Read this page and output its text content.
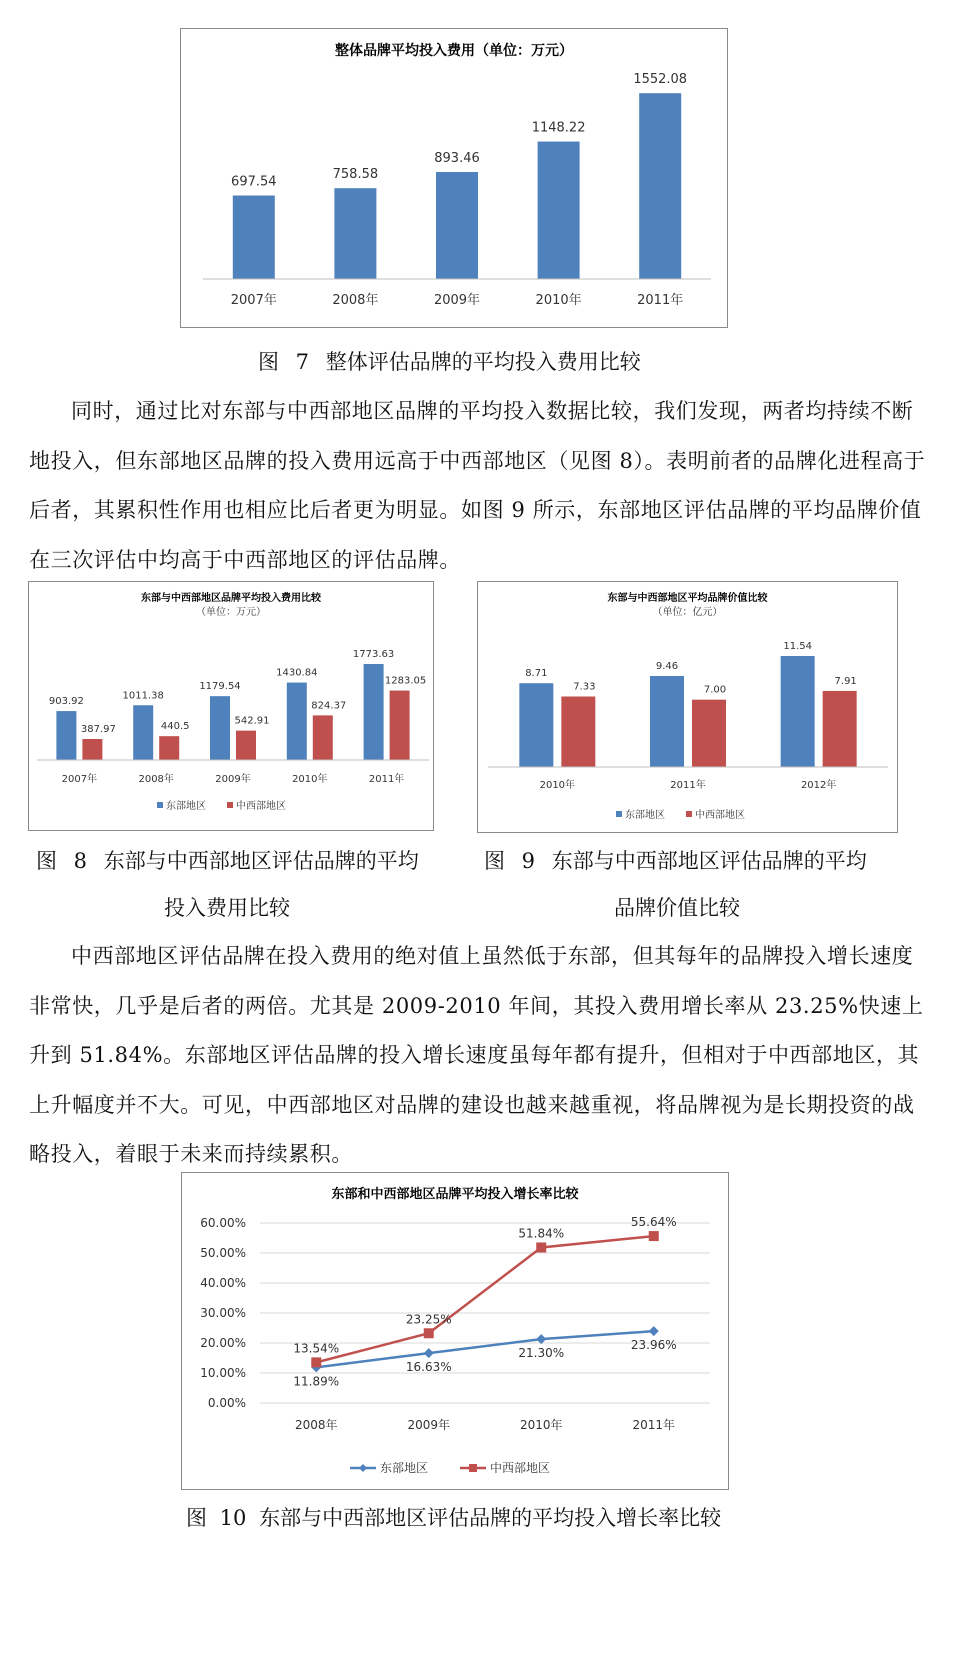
整体品牌平均投入费用（单位：万元）
697.54
2007年
758.58
2008年
893.46
2009年
1148.22
2010年
1552.08
2011年
图 7 整体评估品牌的平均投入费用比较

同时，通过比对东部与中西部地区品牌的平均投入数据比较，我们发现，两者均持续不断地投入，但东部地区品牌的投入费用远高于中西部地区（见图 8）。表明前者的品牌化进程高于后者，其累积性作用也相应比后者更为明显。如图 9 所示，东部地区评估品牌的平均品牌价值在三次评估中均高于中西部地区的评估品牌。

东部与中西部地区品牌平均投入费用比较
（单位：万元）
903.92
387.97
2007年
1011.38
440.5
2008年
1179.54
542.91
2009年
1430.84
824.37
2010年
1773.63
1283.05
2011年
东部地区	中西部地区
图 8 东部与中西部地区评估品牌的平均
投入费用比较
东部与中西部地区平均品牌价值比较
（单位：亿元）
8.71
7.33
2010年
9.46
7.00
2011年
11.54
7.91
2012年
东部地区	中西部地区
图 9 东部与中西部地区评估品牌的平均
品牌价值比较

中西部地区评估品牌在投入费用的绝对值上虽然低于东部，但其每年的品牌投入增长速度非常快，几乎是后者的两倍。尤其是 2009-2010 年间，其投入费用增长率从 23.25%快速上升到 51.84%。东部地区评估品牌的投入增长速度虽每年都有提升，但相对于中西部地区，其上升幅度并不大。可见，中西部地区对品牌的建设也越来越重视，将品牌视为是长期投资的战略投入，着眼于未来而持续累积。

东部和中西部地区品牌平均投入增长率比较
0.00%
10.00%
20.00%
30.00%
40.00%
50.00%
60.00%
2008年	2009年	2010年	2011年
11.89%
16.63%
21.30%
23.96%
13.54%
23.25%
51.84%
55.64%
东部地区	中西部地区
图 10 东部与中西部地区评估品牌的平均投入增长率比较
